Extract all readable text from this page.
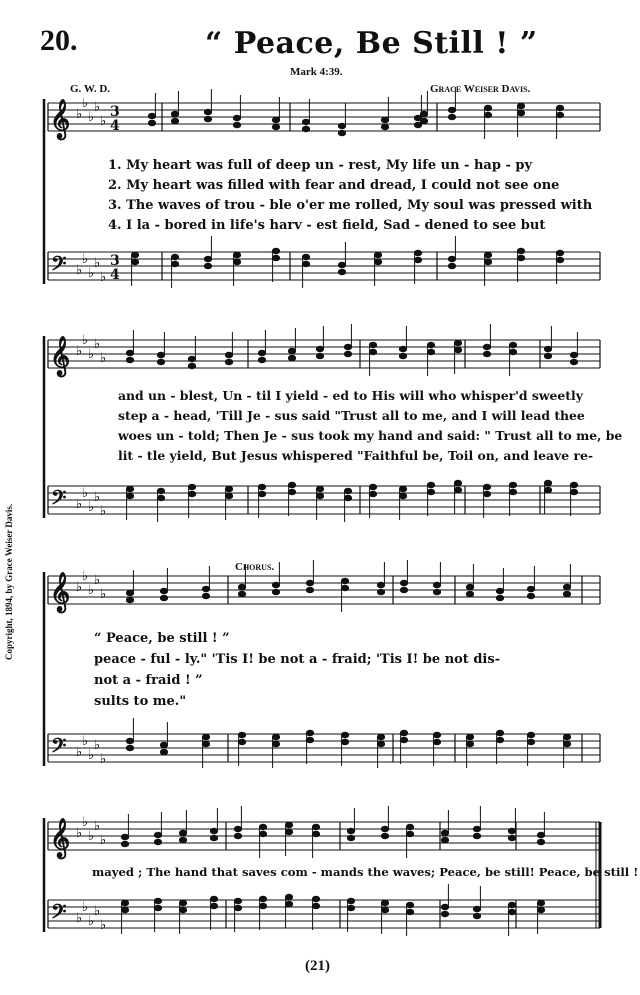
20.	“ Peace, Be Still ! ”
Mark 4:39.
G. W. D.	Grace Weiser Davis.
Copyright, 1894, by Grace Weiser Davis.
𝄞 ♭
♭
♭
♭
♭
3
4
𝄢 ♭
♭
♭
♭
♭
3
4
𝄞 ♭
♭
♭
♭
♭
𝄢 ♭
♭
♭
♭
♭
𝄞 ♭
♭
♭
♭
♭
𝄢 ♭
♭
♭
♭
♭
𝄞 ♭
♭
♭
♭
♭
𝄢 ♭
♭
♭
♭
♭
1. My heart was full of deep un - rest, My life un - hap - py
2. My heart was filled with fear and dread, I could not see one
3. The waves of trou - ble o'er me rolled, My soul was pressed with
4. I la - bored in life's harv - est field, Sad - dened to see but
and un - blest, Un - til I yield - ed to His will who whisper'd sweetly
step a - head, 'Till Je - sus said "Trust all to me, and I will lead thee
woes un - told; Then Je - sus took my hand and said: " Trust all to me, be
lit - tle yield, But Jesus whispered "Faithful be, Toil on, and leave re-
Chorus.
“ Peace, be still ! ”
peace - ful - ly." 'Tis I! be not a - fraid; 'Tis I! be not dis-
not a - fraid ! ”
sults to me."
mayed ; The hand that saves com - mands the waves; Peace, be still! Peace, be still !
(21)
